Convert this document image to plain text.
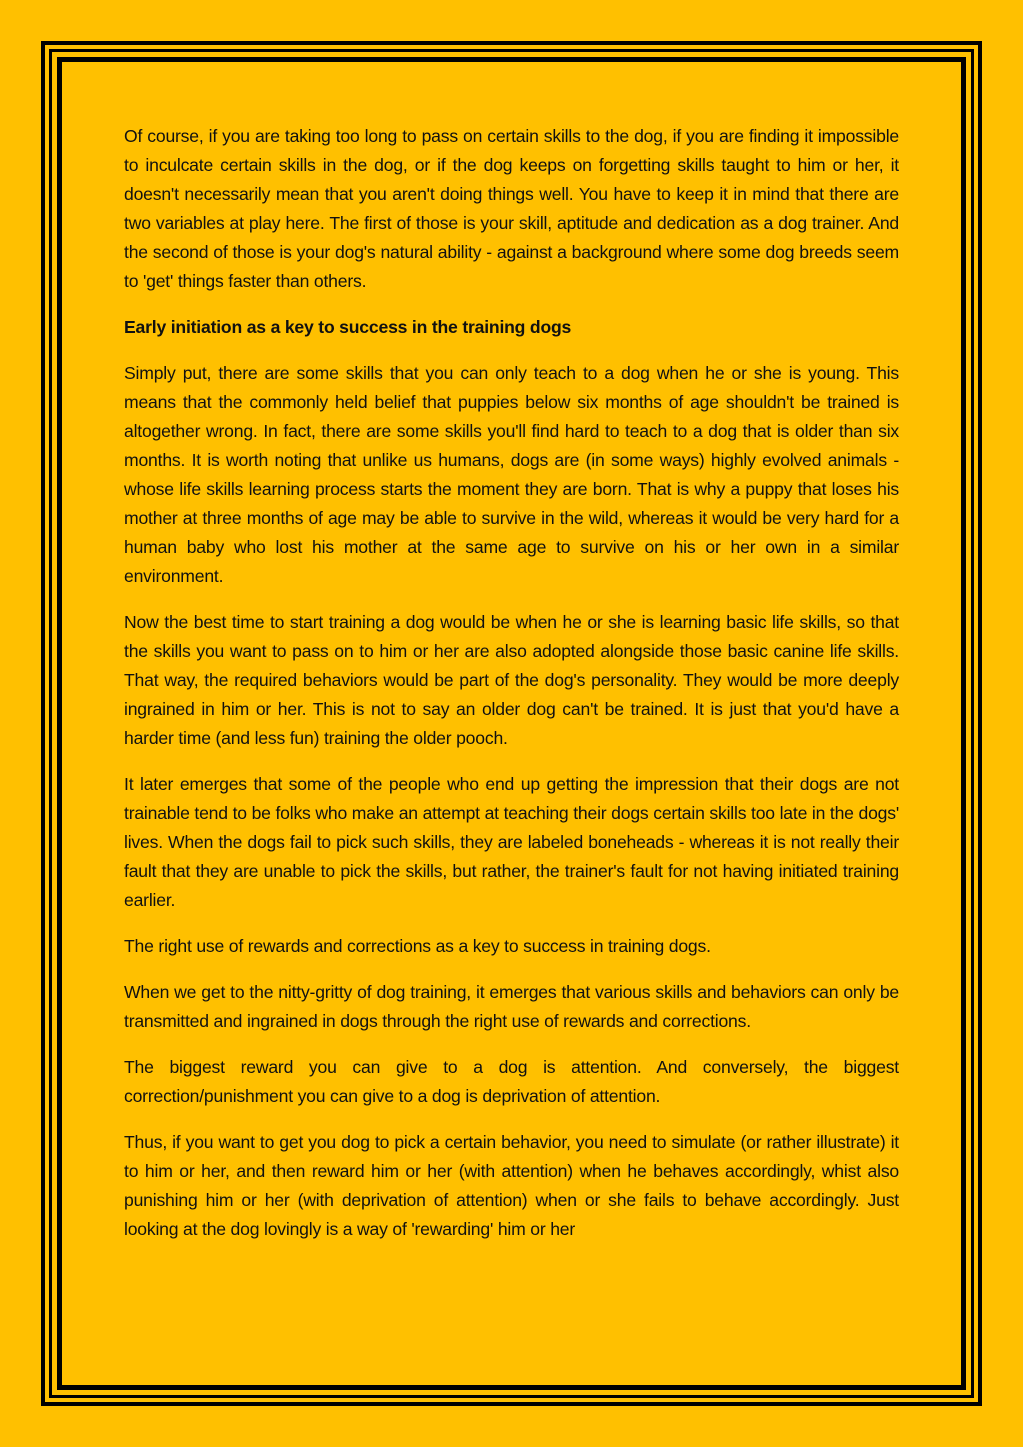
Of course, if you are taking too long to pass on certain skills to the dog, if you are finding it impossible to inculcate certain skills in the dog, or if the dog keeps on forgetting skills taught to him or her, it doesn't necessarily mean that you aren't doing things well. You have to keep it in mind that there are two variables at play here. The first of those is your skill, aptitude and dedication as a dog trainer. And the second of those is your dog's natural ability - against a background where some dog breeds seem to 'get' things faster than others.

Early initiation as a key to success in the training dogs

Simply put, there are some skills that you can only teach to a dog when he or she is young. This means that the commonly held belief that puppies below six months of age shouldn't be trained is altogether wrong. In fact, there are some skills you'll find hard to teach to a dog that is older than six months. It is worth noting that unlike us humans, dogs are (in some ways) highly evolved animals - whose life skills learning process starts the moment they are born. That is why a puppy that loses his mother at three months of age may be able to survive in the wild, whereas it would be very hard for a human baby who lost his mother at the same age to survive on his or her own in a similar environment.

Now the best time to start training a dog would be when he or she is learning basic life skills, so that the skills you want to pass on to him or her are also adopted alongside those basic canine life skills. That way, the required behaviors would be part of the dog's personality. They would be more deeply ingrained in him or her. This is not to say an older dog can't be trained. It is just that you'd have a harder time (and less fun) training the older pooch.

It later emerges that some of the people who end up getting the impression that their dogs are not trainable tend to be folks who make an attempt at teaching their dogs certain skills too late in the dogs' lives. When the dogs fail to pick such skills, they are labeled boneheads - whereas it is not really their fault that they are unable to pick the skills, but rather, the trainer's fault for not having initiated training earlier.

The right use of rewards and corrections as a key to success in training dogs.

When we get to the nitty-gritty of dog training, it emerges that various skills and behaviors can only be transmitted and ingrained in dogs through the right use of rewards and corrections.

The biggest reward you can give to a dog is attention. And conversely, the biggest correction/punishment you can give to a dog is deprivation of attention.

Thus, if you want to get you dog to pick a certain behavior, you need to simulate (or rather illustrate) it to him or her, and then reward him or her (with attention) when he behaves accordingly, whist also punishing him or her (with deprivation of attention) when or she fails to behave accordingly. Just looking at the dog lovingly is a way of 'rewarding' him or her
